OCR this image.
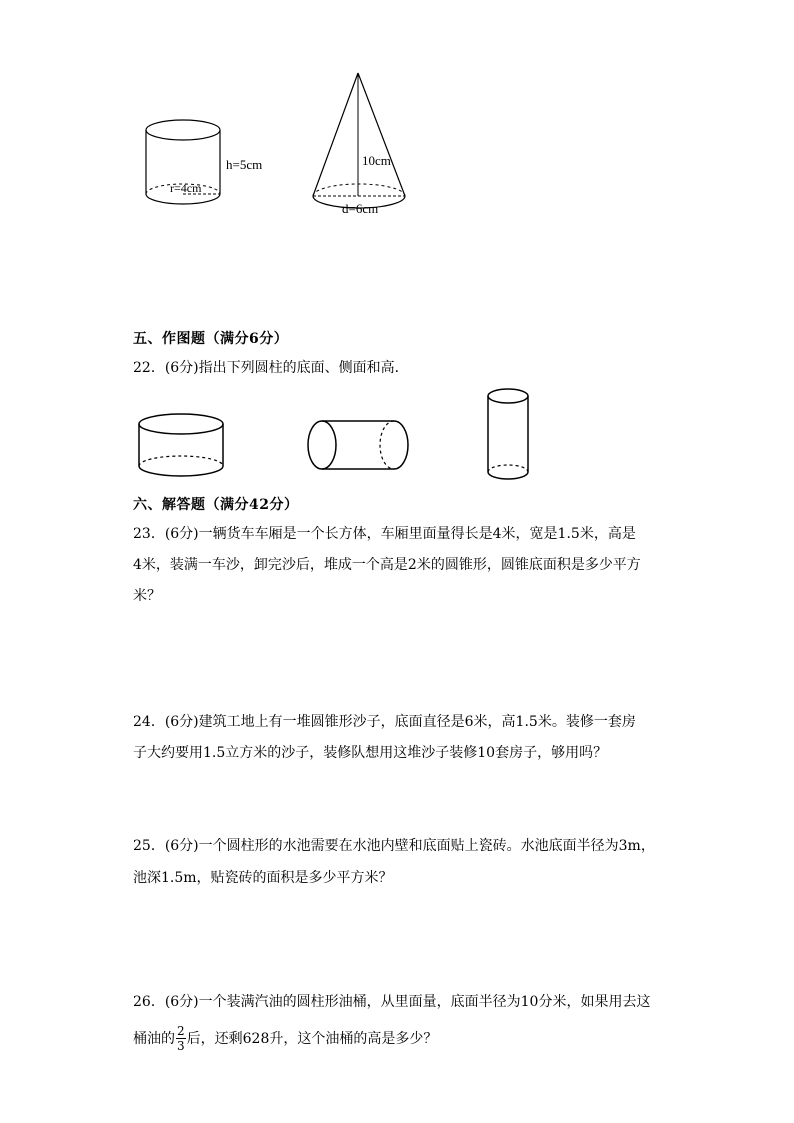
h=5cm
r=4cm
10cm
d=6cm
五、作图题（满分6分）
22．(6分)指出下列圆柱的底面、侧面和高．
六、解答题（满分42分）
23．(6分)一辆货车车厢是一个长方体，车厢里面量得长是4米，宽是1.5米，高是
4米，装满一车沙，卸完沙后，堆成一个高是2米的圆锥形，圆锥底面积是多少平方
米？
24．(6分)建筑工地上有一堆圆锥形沙子，底面直径是6米，高1.5米。装修一套房
子大约要用1.5立方米的沙子，装修队想用这堆沙子装修10套房子，够用吗？
25．(6分)一个圆柱形的水池需要在水池内壁和底面贴上瓷砖。水池底面半径为3m，
池深1.5m，贴瓷砖的面积是多少平方米？
26．(6分)一个装满汽油的圆柱形油桶，从里面量，底面半径为10分米，如果用去这
桶油的 $\frac{2}{3}$ 后，还剩628升，这个油桶的高是多少？
